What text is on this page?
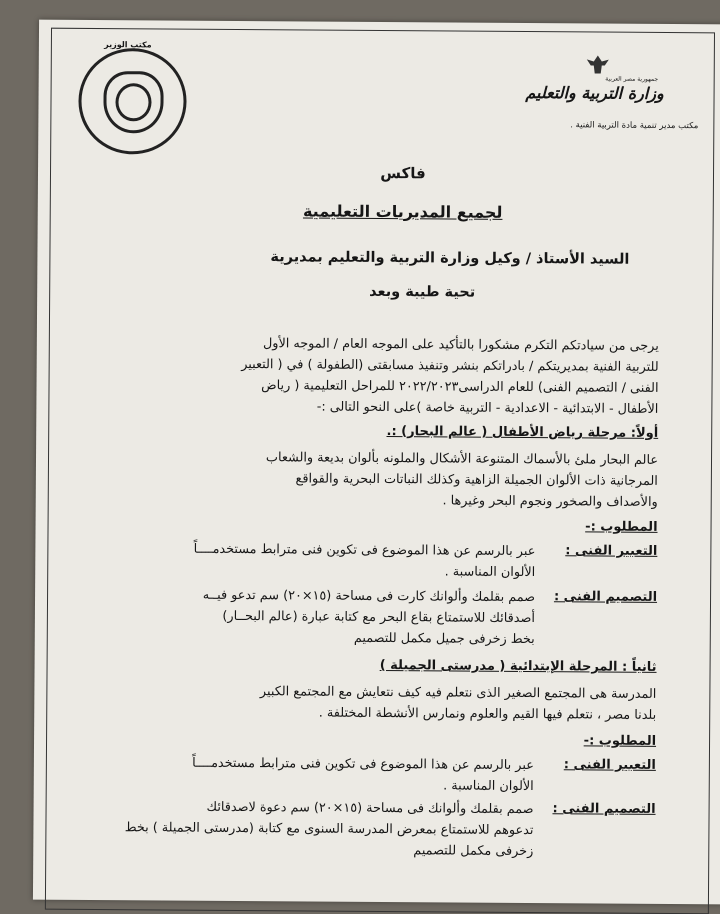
مكتب الوزير
جمهورية مصر العربية
وزارة التربية والتعليم
مكتب مدير تنمية مادة التربية الفنية .
فاكس
لجميع المديريات التعليمية
السيد الأستاذ / وكيل وزارة التربية والتعليم بمديرية
تحية طيبة وبعد
يرجى من سيادتكم التكرم مشكورا بالتأكيد على الموجه العام / الموجه الأول
للتربية الفنية بمديريتكم / بادراتكم بنشر وتنفيذ مسابقتى (الطفولة ) في ( التعبير
الفنى / التصميم الفنى) للعام الدراسى٢٠٢٢/٢٠٢٣ للمراحل التعليمية ( رياض
الأطفال - الابتدائية - الاعدادية - التربية خاصة )على النحو التالى :-
أولاً: مرحلة رياض الأطفال ( عالم البحار) :.
عالم البحار ملئ بالأسماك المتنوعة الأشكال والملونه بألوان بديعة والشعاب
المرجانية ذات الألوان الجميلة الزاهية وكذلك النباتات البحرية والقواقع
والأصداف والصخور ونجوم البحر وغيرها .
المطلوب :-
التعبير الفنى :
عبر بالرسم عن هذا الموضوع فى تكوين فنى مترابط مستخدمــــاً
الألوان المناسبة .
التصميم الفنى :
صمم بقلمك وألوانك كارت فى مساحة (١٥×٢٠) سم تدعو فيــه
أصدقائك للاستمتاع بقاع البحر مع كتابة عبارة (عالم البحــار)
بخط زخرفى جميل مكمل للتصميم
ثانياً : المرحلة الإبتدائية ( مدرستى الجميلة )
المدرسة هى المجتمع الصغير الذى نتعلم فيه كيف نتعايش مع المجتمع الكبير
بلدنا مصر ، نتعلم فيها القيم والعلوم ونمارس الأنشطة المختلفة .
المطلوب :-
التعبير الفنى :
عبر بالرسم عن هذا الموضوع فى تكوين فنى مترابط مستخدمــــاً
الألوان المناسبة .
التصميم الفنى :
صمم بقلمك وألوانك فى مساحة (١٥×٢٠) سم دعوة لاصدقائك
تدعوهم للاستمتاع بمعرض المدرسة السنوى مع كتابة (مدرستى الجميلة ) بخط
زخرفى مكمل للتصميم
